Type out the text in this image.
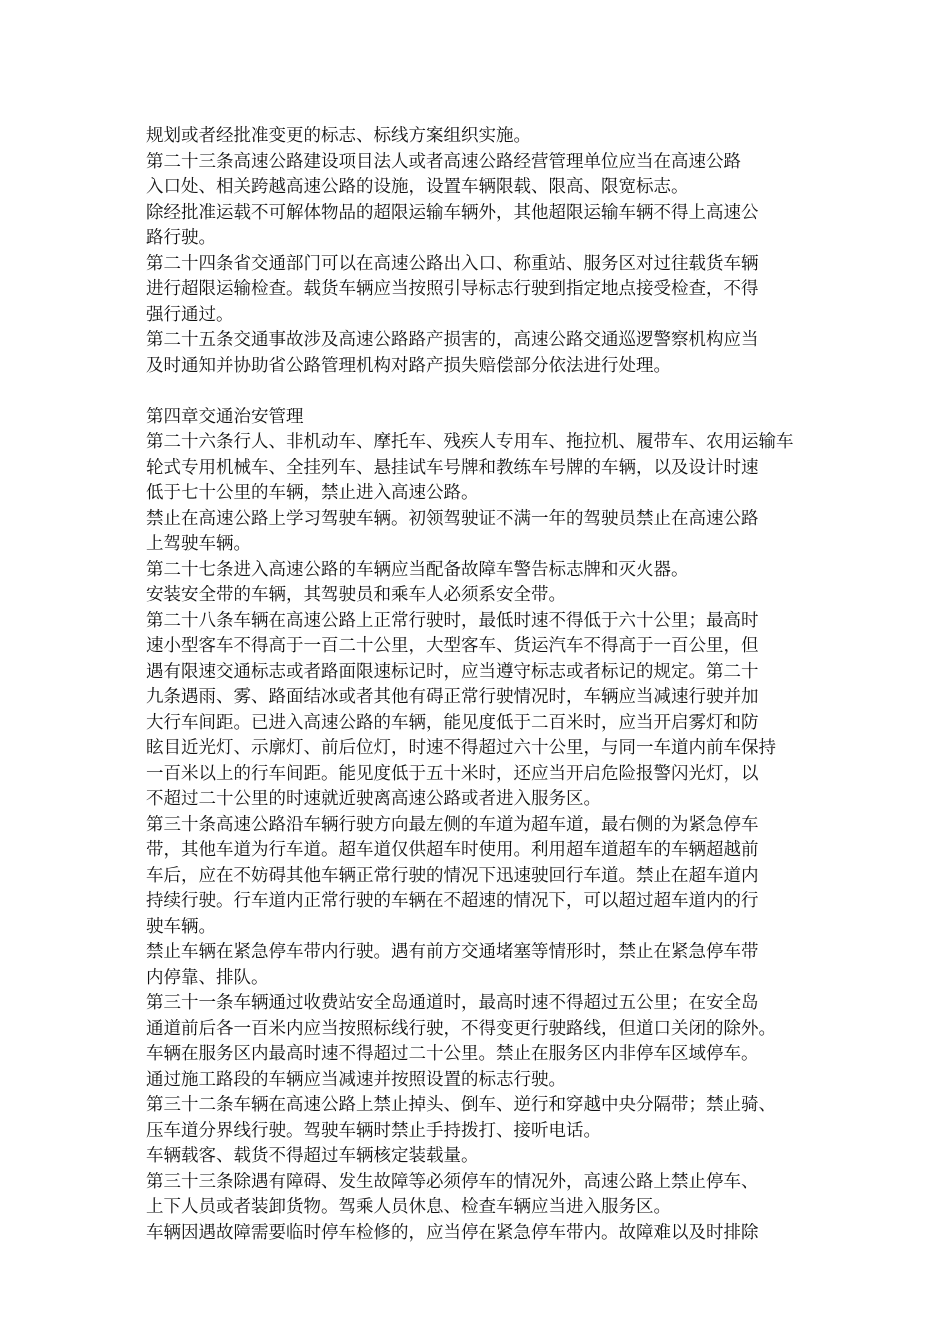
规划或者经批准变更的标志、标线方案组织实施。
第二十三条高速公路建设项目法人或者高速公路经营管理单位应当在高速公路
入口处、相关跨越高速公路的设施，设置车辆限载、限高、限宽标志。
除经批准运载不可解体物品的超限运输车辆外，其他超限运输车辆不得上高速公
路行驶。
第二十四条省交通部门可以在高速公路出入口、称重站、服务区对过往载货车辆
进行超限运输检查。载货车辆应当按照引导标志行驶到指定地点接受检查，不得
强行通过。
第二十五条交通事故涉及高速公路路产损害的，高速公路交通巡逻警察机构应当
及时通知并协助省公路管理机构对路产损失赔偿部分依法进行处理。
第四章交通治安管理
第二十六条行人、非机动车、摩托车、残疾人专用车、拖拉机、履带车、农用运输车
轮式专用机械车、全挂列车、悬挂试车号牌和教练车号牌的车辆，以及设计时速
低于七十公里的车辆，禁止进入高速公路。
禁止在高速公路上学习驾驶车辆。初领驾驶证不满一年的驾驶员禁止在高速公路
上驾驶车辆。
第二十七条进入高速公路的车辆应当配备故障车警告标志牌和灭火器。
安装安全带的车辆，其驾驶员和乘车人必须系安全带。
第二十八条车辆在高速公路上正常行驶时，最低时速不得低于六十公里；最高时
速小型客车不得高于一百二十公里，大型客车、货运汽车不得高于一百公里，但
遇有限速交通标志或者路面限速标记时，应当遵守标志或者标记的规定。第二十
九条遇雨、雾、路面结冰或者其他有碍正常行驶情况时，车辆应当减速行驶并加
大行车间距。已进入高速公路的车辆，能见度低于二百米时，应当开启雾灯和防
眩目近光灯、示廓灯、前后位灯，时速不得超过六十公里，与同一车道内前车保持
一百米以上的行车间距。能见度低于五十米时，还应当开启危险报警闪光灯，以
不超过二十公里的时速就近驶离高速公路或者进入服务区。
第三十条高速公路沿车辆行驶方向最左侧的车道为超车道，最右侧的为紧急停车
带，其他车道为行车道。超车道仅供超车时使用。利用超车道超车的车辆超越前
车后，应在不妨碍其他车辆正常行驶的情况下迅速驶回行车道。禁止在超车道内
持续行驶。行车道内正常行驶的车辆在不超速的情况下，可以超过超车道内的行
驶车辆。
禁止车辆在紧急停车带内行驶。遇有前方交通堵塞等情形时，禁止在紧急停车带
内停靠、排队。
第三十一条车辆通过收费站安全岛通道时，最高时速不得超过五公里；在安全岛
通道前后各一百米内应当按照标线行驶，不得变更行驶路线，但道口关闭的除外。
车辆在服务区内最高时速不得超过二十公里。禁止在服务区内非停车区域停车。
通过施工路段的车辆应当减速并按照设置的标志行驶。
第三十二条车辆在高速公路上禁止掉头、倒车、逆行和穿越中央分隔带；禁止骑、
压车道分界线行驶。驾驶车辆时禁止手持拨打、接听电话。
车辆载客、载货不得超过车辆核定装载量。
第三十三条除遇有障碍、发生故障等必须停车的情况外，高速公路上禁止停车、
上下人员或者装卸货物。驾乘人员休息、检查车辆应当进入服务区。
车辆因遇故障需要临时停车检修的，应当停在紧急停车带内。故障难以及时排除
